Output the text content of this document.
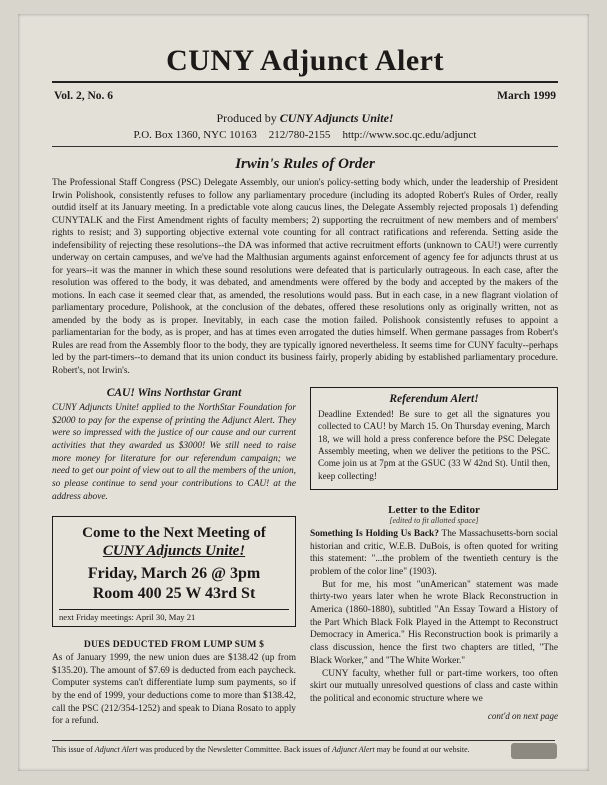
CUNY Adjunct Alert
Vol. 2, No. 6	March 1999
Produced by CUNY Adjuncts Unite!
P.O. Box 1360, NYC 10163 212/780-2155 http://www.soc.qc.edu/adjunct
Irwin's Rules of Order
The Professional Staff Congress (PSC) Delegate Assembly, our union's policy-setting body which, under the leadership of President Irwin Polishook, consistently refuses to follow any parliamentary procedure (including its adopted Robert's Rules of Order, really outdid itself at its January meeting. In a predictable vote along caucus lines, the Delegate Assembly rejected proposals 1) defending CUNYTALK and the First Amendment rights of faculty members; 2) supporting the recruitment of new members and of members' rights to resist; and 3) supporting objective external vote counting for all contract ratifications and referenda. Setting aside the indefensibility of rejecting these resolutions--the DA was informed that active recruitment efforts (unknown to CAU!) were currently underway on certain campuses, and we've had the Malthusian arguments against enforcement of agency fee for adjuncts thrust at us for years--it was the manner in which these sound resolutions were defeated that is particularly outrageous. In each case, after the resolution was offered to the body, it was debated, and amendments were offered by the body and accepted by the makers of the motions. In each case it seemed clear that, as amended, the resolutions would pass. But in each case, in a new flagrant violation of parliamentary procedure, Polishook, at the conclusion of the debates, offered these resolutions only as originally written, not as amended by the body as is proper. Inevitably, in each case the motion failed. Polishook consistently refuses to appoint a parliamentarian for the body, as is proper, and has at times even arrogated the duties himself. When germane passages from Robert's Rules are read from the Assembly floor to the body, they are typically ignored nevertheless. It seems time for CUNY faculty--perhaps led by the part-timers--to demand that its union conduct its business fairly, properly abiding by established parliamentary procedure. Robert's, not Irwin's.
CAU! Wins Northstar Grant
CUNY Adjuncts Unite! applied to the NorthStar Foundation for $2000 to pay for the expense of printing the Adjunct Alert. They were so impressed with the justice of our cause and our current activities that they awarded us $3000! We still need to raise more money for literature for our referendum campaign; we need to get our point of view out to all the members of the union, so please continue to send your contributions to CAU! at the address above.
Come to the Next Meeting of
CUNY Adjuncts Unite!
Friday, March 26 @ 3pm
Room 400 25 W 43rd St
next Friday meetings: April 30, May 21
DUES DEDUCTED FROM LUMP SUM $
As of January 1999, the new union dues are $138.42 (up from $135.20). The amount of $7.69 is deducted from each paycheck. Computer systems can't differentiate lump sum payments, so if by the end of 1999, your deductions come to more than $138.42, call the PSC (212/354-1252) and speak to Diana Rosato to apply for a refund.
Referendum Alert!
Deadline Extended! Be sure to get all the signatures you collected to CAU! by March 15. On Thursday evening, March 18, we will hold a press conference before the PSC Delegate Assembly meeting, when we deliver the petitions to the PSC. Come join us at 7pm at the GSUC (33 W 42nd St). Until then, keep collecting!
Letter to the Editor
[edited to fit allotted space]
Something Is Holding Us Back? The Massachusetts-born social historian and critic, W.E.B. DuBois, is often quoted for writing this statement: "...the problem of the twentieth century is the problem of the color line" (1903).
But for me, his most "unAmerican" statement was made thirty-two years later when he wrote Black Reconstruction in America (1860-1880), subtitled "An Essay Toward a History of the Part Which Black Folk Played in the Attempt to Reconstruct Democracy in America." His Reconstruction book is primarily a class discussion, hence the first two chapters are titled, "The Black Worker," and "The White Worker."
CUNY faculty, whether full or part-time workers, too often skirt our mutually unresolved questions of class and caste within the political and economic structure where we
cont'd on next page
This issue of Adjunct Alert was produced by the Newsletter Committee. Back issues of Adjunct Alert may be found at our website.
